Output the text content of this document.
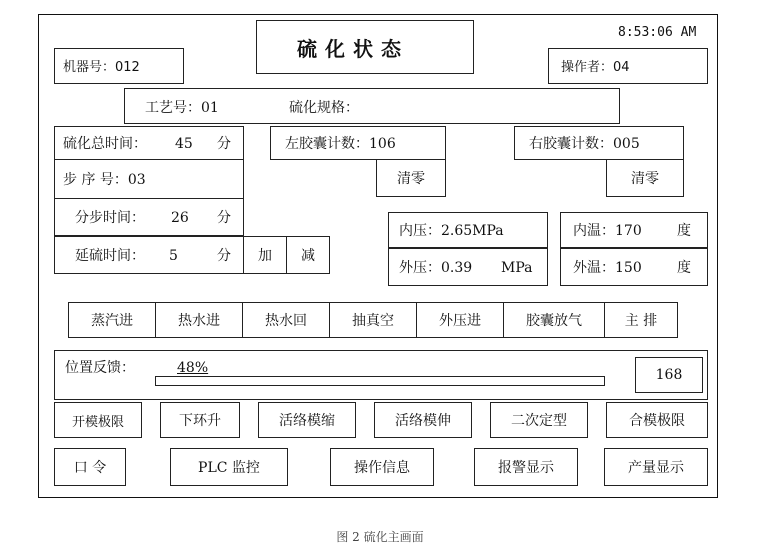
8:53:06 AM
机器号：012
硫化状态
操作者：04
工艺号：01	硫化规格：
硫化总时间： 45 分
步 序 号：03
分步时间： 26 分
延硫时间： 5	分 加 减
左胶囊计数：106
清零
右胶囊计数：005
清零
内压：2.65MPa
外压：0.39 MPa
内温：170	度
外温：150	度
蒸汽进	热水进	热水回	抽真空	外压进	胶囊放气	主 排
位置反馈：	48%	168
开模极限	下环升	活络模缩	活络模伸	二次定型	合模极限
口 令	PLC 监控	操作信息	报警显示	产量显示
图 2 硫化主画面
